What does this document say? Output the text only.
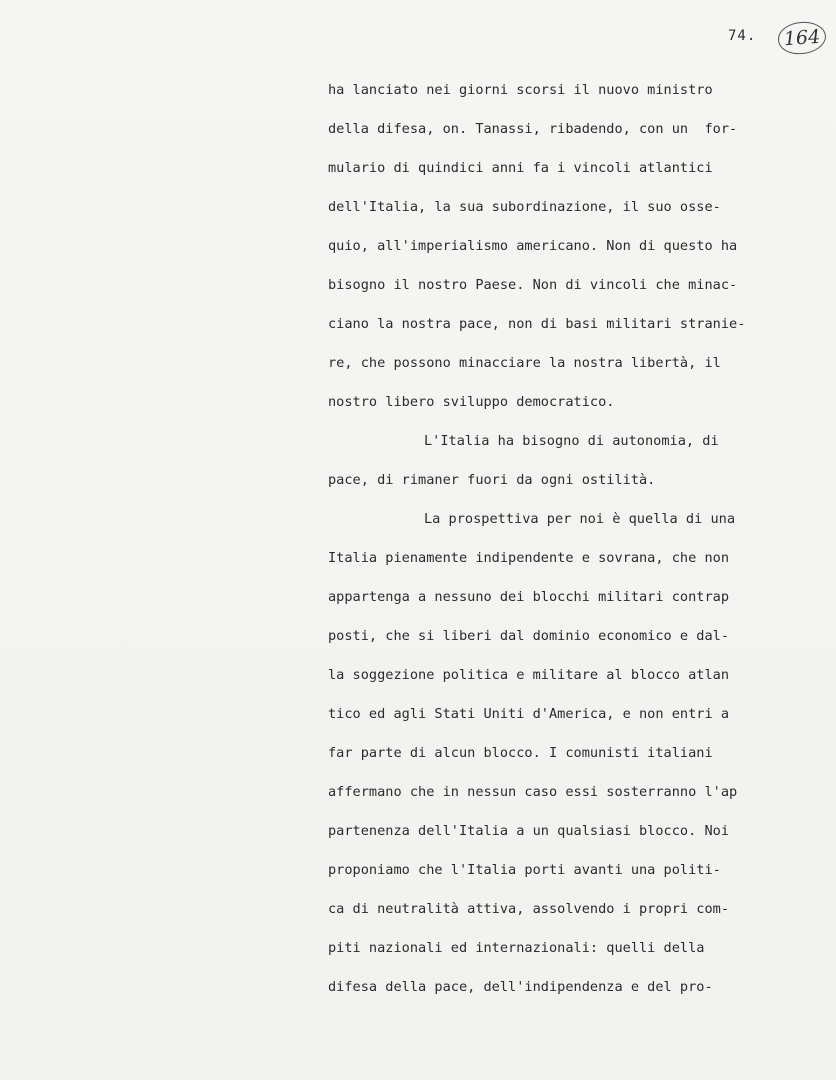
74.	164
ha lanciato nei giorni scorsi il nuovo ministro
della difesa, on. Tanassi, ribadendo, con un  for-
mulario di quindici anni fa i vincoli atlantici
dell'Italia, la sua subordinazione, il suo osse-
quio, all'imperialismo americano. Non di questo ha
bisogno il nostro Paese. Non di vincoli che minac-
ciano la nostra pace, non di basi militari stranie-
re, che possono minacciare la nostra libertà, il
nostro libero sviluppo democratico.
L'Italia ha bisogno di autonomia, di
pace, di rimaner fuori da ogni ostilità.
La prospettiva per noi è quella di una
Italia pienamente indipendente e sovrana, che non
appartenga a nessuno dei blocchi militari contrap
posti, che si liberi dal dominio economico e dal-
la soggezione politica e militare al blocco atlan
tico ed agli Stati Uniti d'America, e non entri a
far parte di alcun blocco. I comunisti italiani
affermano che in nessun caso essi sosterranno l'ap
partenenza dell'Italia a un qualsiasi blocco. Noi
proponiamo che l'Italia porti avanti una politi-
ca di neutralità attiva, assolvendo i propri com-
piti nazionali ed internazionali: quelli della
difesa della pace, dell'indipendenza e del pro-
